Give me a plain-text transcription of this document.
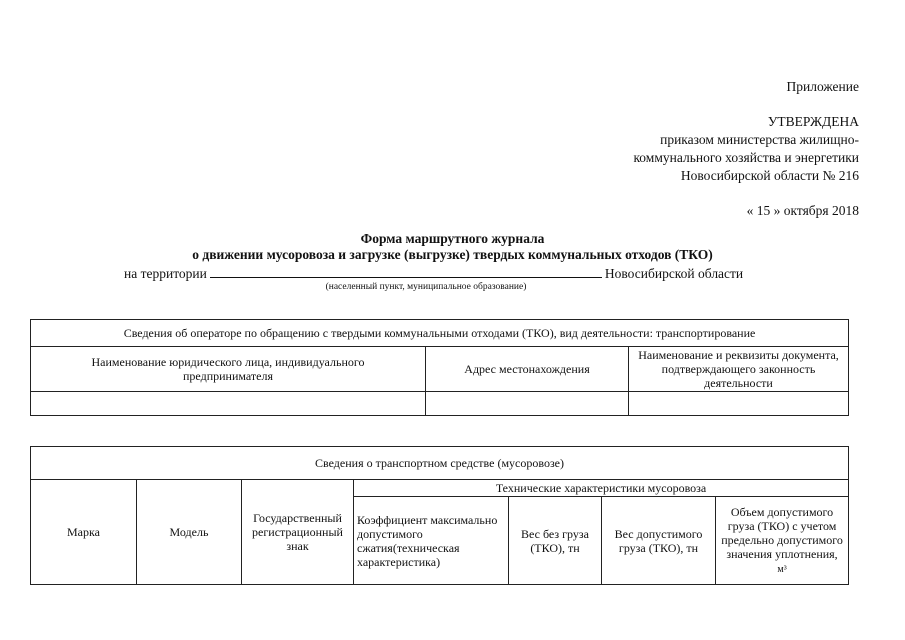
Приложение
УТВЕРЖДЕНА
приказом министерства жилищно-
коммунального хозяйства и энергетики
Новосибирской области № 216
« 15 » октября 2018
Форма маршрутного журнала
о движении мусоровоза и загрузке (выгрузке) твердых коммунальных отходов (ТКО)
на территории	Новосибирской области
(населенный пункт, муниципальное образование)
Сведения об операторе по обращению с твердыми коммунальными отходами (ТКО), вид деятельности: транспортирование		
Наименование юридического лица, индивидуального предпринимателя	Адрес местонахождения	Наименование и реквизиты документа, подтверждающего законность деятельности

Сведения о транспортном средстве (мусоровозе)						
Марка	Модель	Государственный регистрационный знак	Технические характеристики мусоровоза			
			Коэффициент максимально допустимого сжатия(техническая характеристика)	Вес без груза (ТКО), тн	Вес допустимого груза (ТКО), тн	Объем допустимого груза (ТКО) с учетом предельно допустимого значения уплотнения,
м³
